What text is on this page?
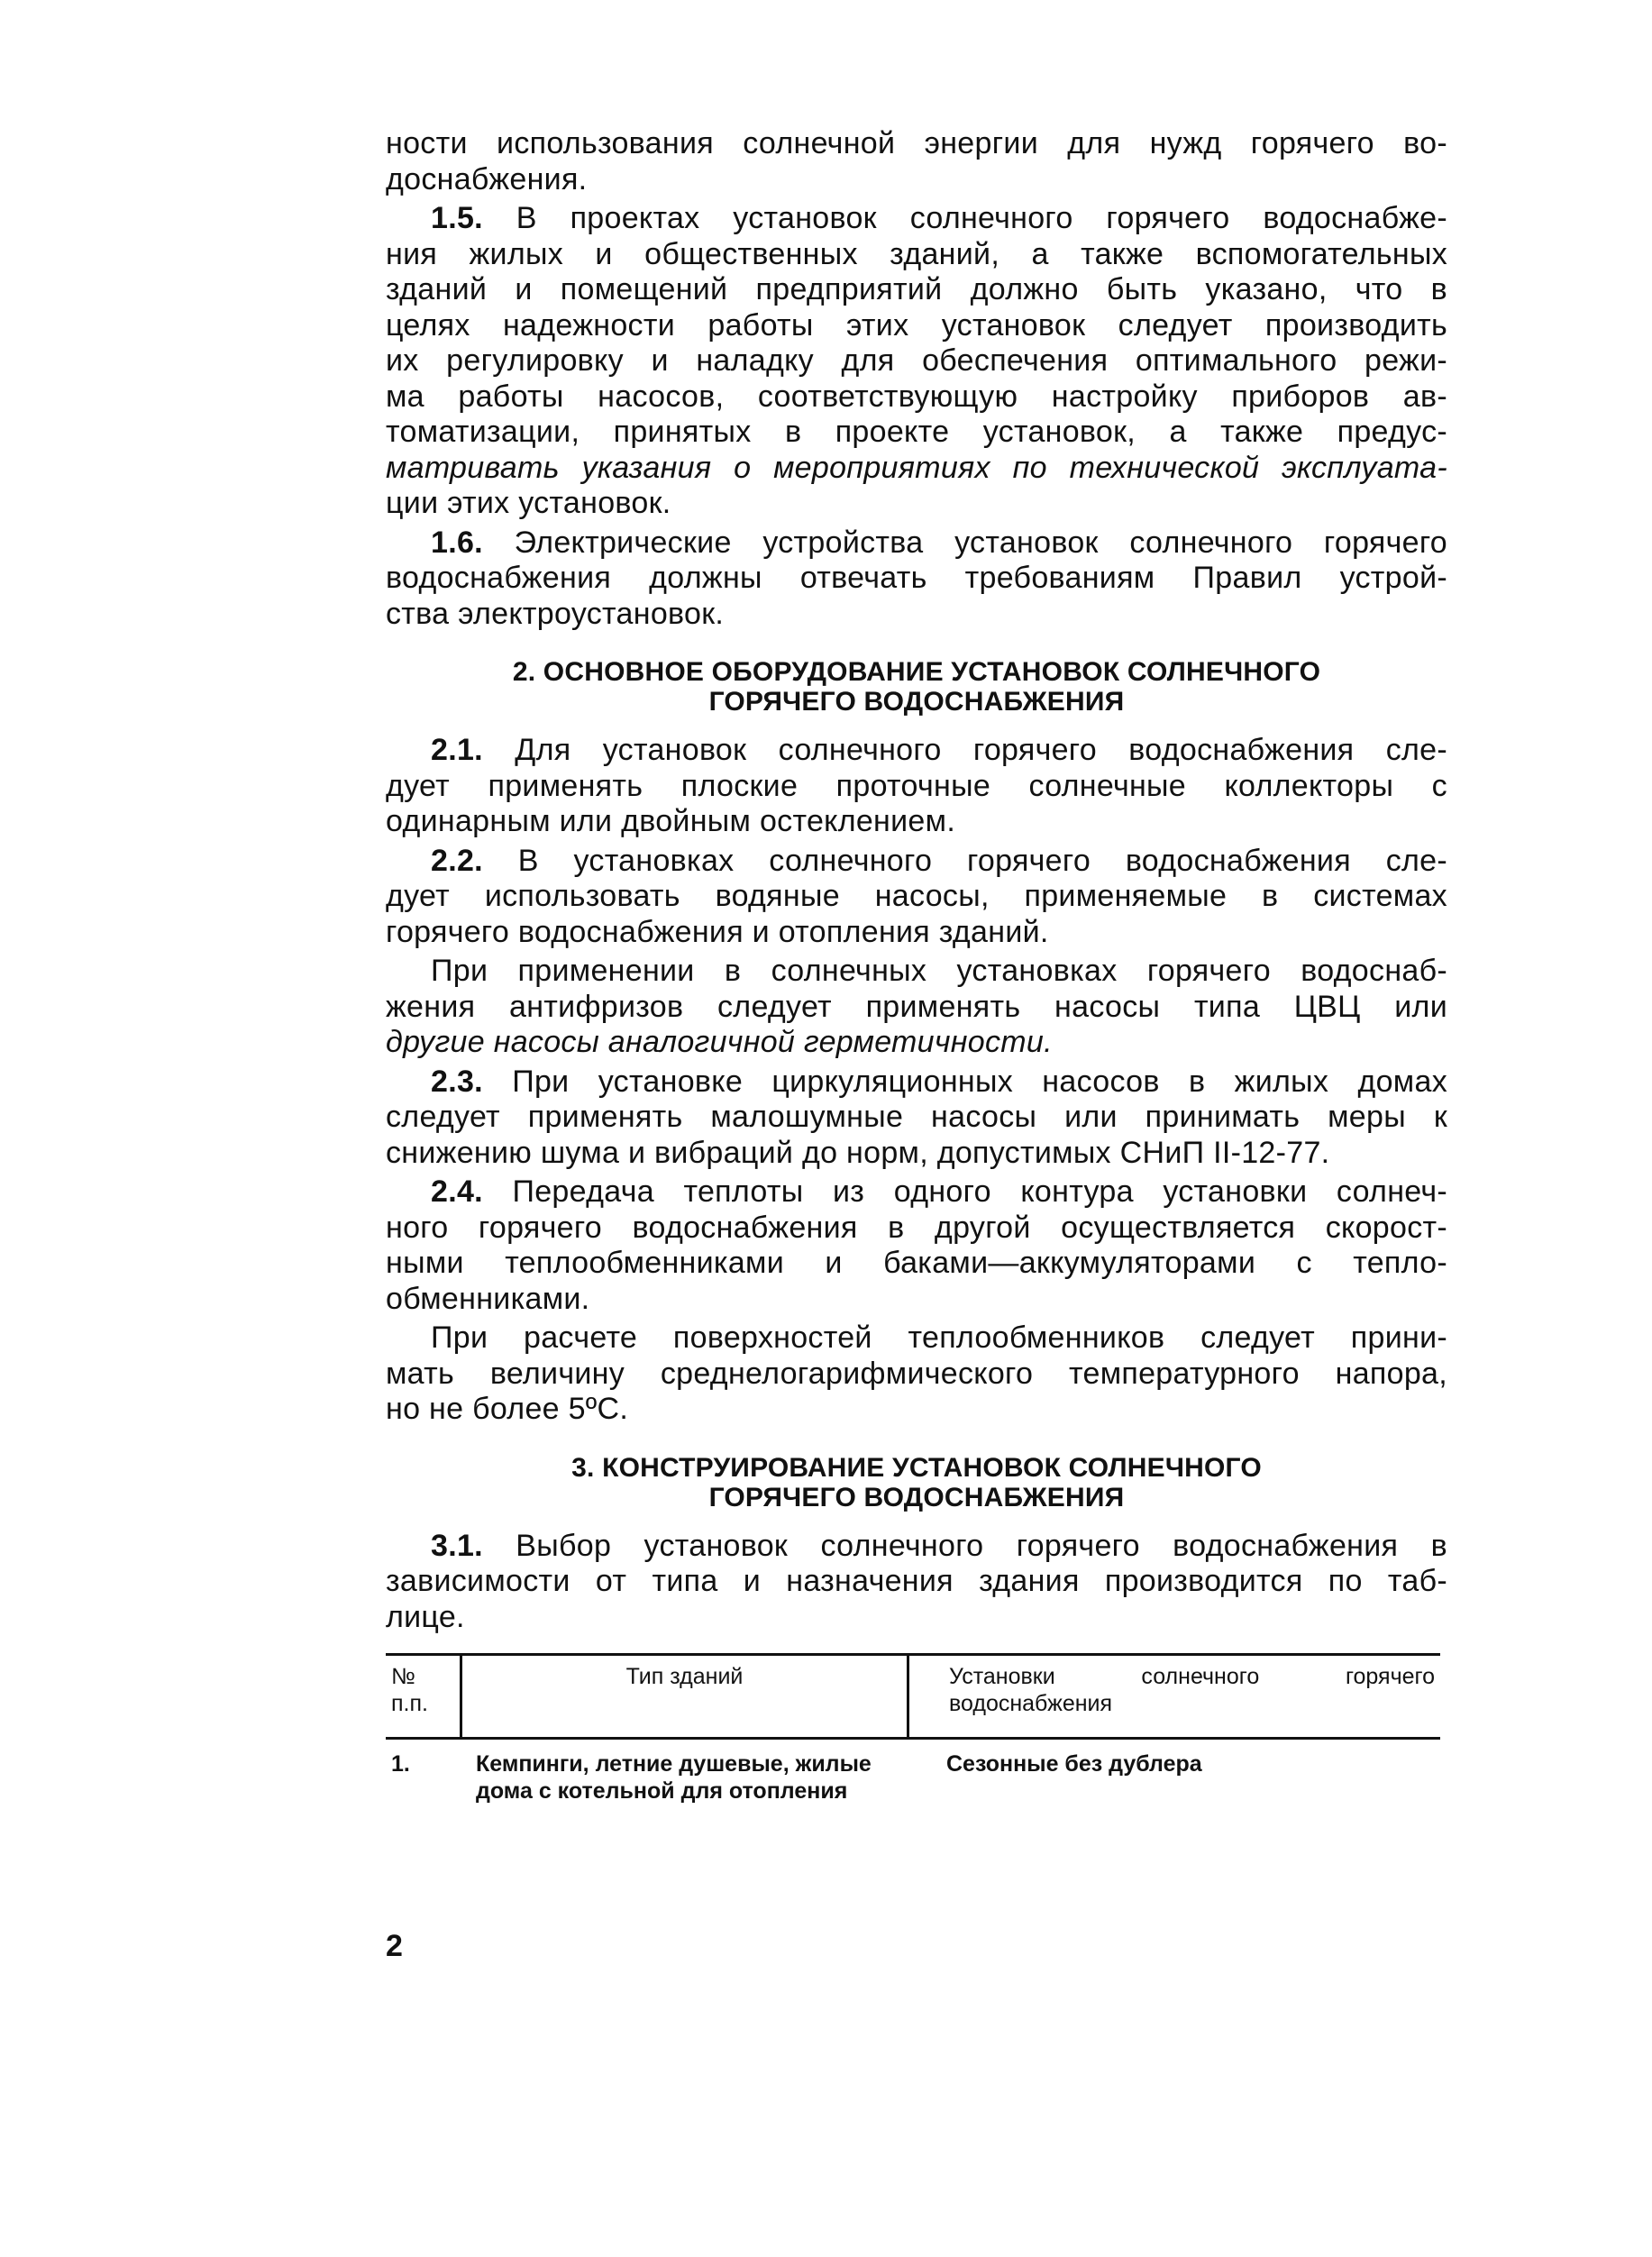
ности использования солнечной энергии для нужд горячего во-
доснабжения.
1.5. В проектах установок солнечного горячего водоснабже-
ния жилых и общественных зданий, а также вспомогательных
зданий и помещений предприятий должно быть указано, что в
целях надежности работы этих установок следует производить
их регулировку и наладку для обеспечения оптимального режи-
ма работы насосов, соответствующую настройку приборов ав-
томатизации, принятых в проекте установок, а также предус-
матривать указания о мероприятиях по технической эксплуата-
ции этих установок.
1.6. Электрические устройства установок солнечного горячего
водоснабжения должны отвечать требованиям Правил устрой-
ства электроустановок.
2. ОСНОВНОЕ ОБОРУДОВАНИЕ УСТАНОВОК СОЛНЕЧНОГО
ГОРЯЧЕГО ВОДОСНАБЖЕНИЯ
2.1. Для установок солнечного горячего водоснабжения сле-
дует применять плоские проточные солнечные коллекторы с
одинарным или двойным остеклением.
2.2. В установках солнечного горячего водоснабжения сле-
дует использовать водяные насосы, применяемые в системах
горячего водоснабжения и отопления зданий.
При применении в солнечных установках горячего водоснаб-
жения антифризов следует применять насосы типа ЦВЦ или
другие насосы аналогичной герметичности.
2.3. При установке циркуляционных насосов в жилых домах
следует применять малошумные насосы или принимать меры к
снижению шума и вибраций до норм, допустимых СНиП II-12-77.
2.4. Передача теплоты из одного контура установки солнеч-
ного горячего водоснабжения в другой осуществляется скорост-
ными теплообменниками и баками—аккумуляторами с тепло-
обменниками.
При расчете поверхностей теплообменников следует прини-
мать величину среднелогарифмического температурного напора,
но не более 5ºС.
3. КОНСТРУИРОВАНИЕ УСТАНОВОК СОЛНЕЧНОГО
ГОРЯЧЕГО ВОДОСНАБЖЕНИЯ
3.1. Выбор установок солнечного горячего водоснабжения в
зависимости от типа и назначения здания производится по таб-
лице.
№ п.п.
Тип зданий	Установки солнечного горячего водоснабжения
1.	Кемпинги, летние душевые, жилые дома с котельной для отопления
Сезонные без дублера
2
